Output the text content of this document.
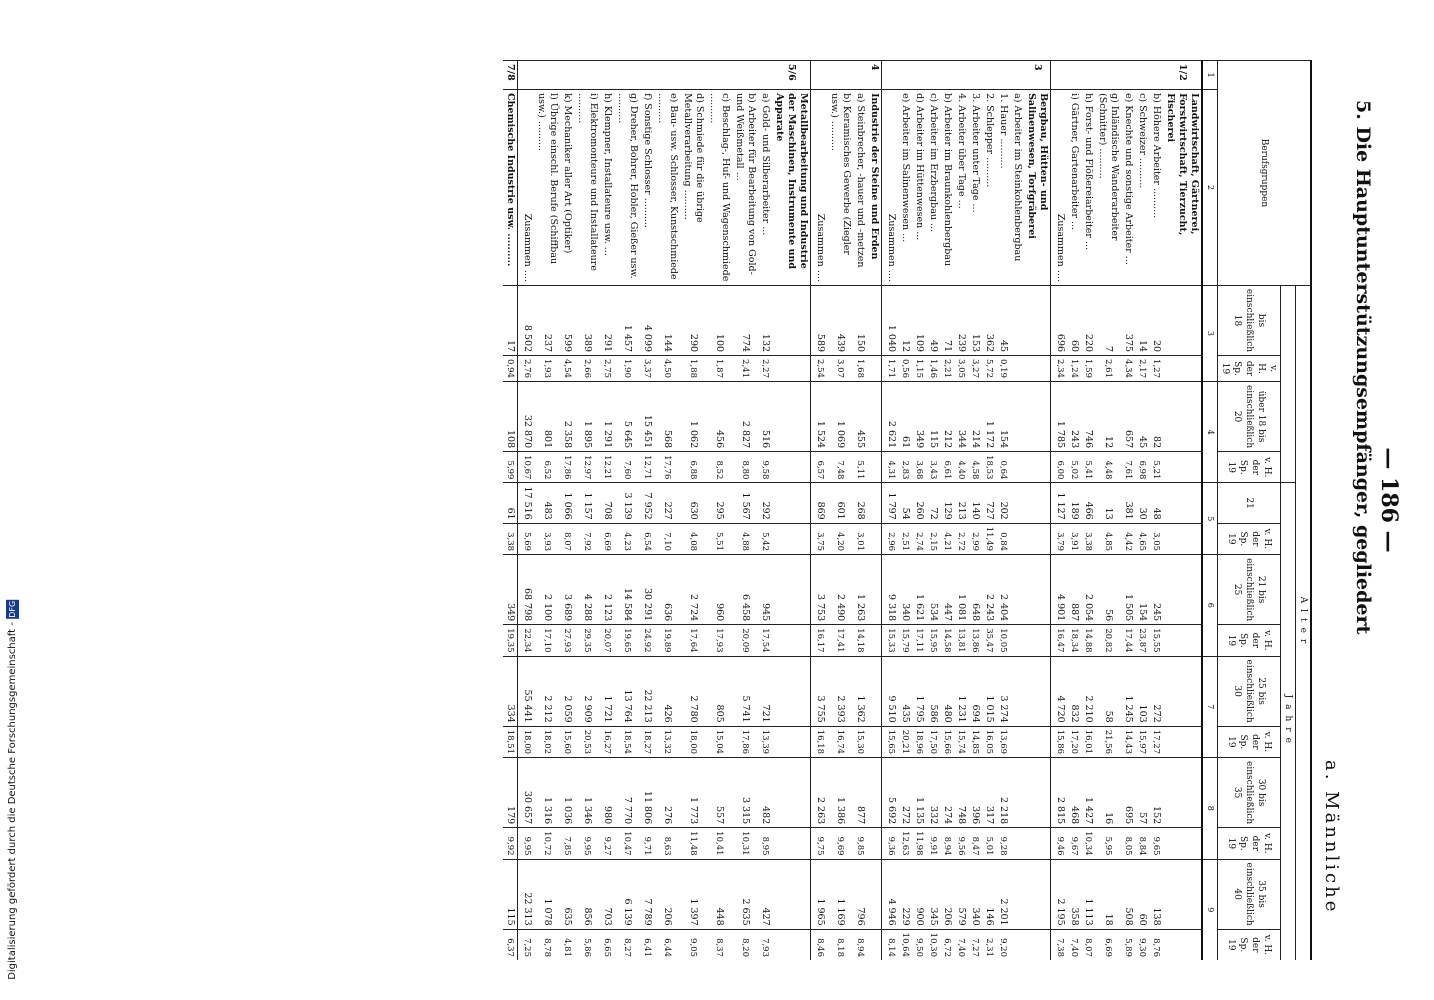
— 186 —
5. Die Hauptunterstützungsempfänger, gegliedert
a. Männliche
Berufsgruppen		Alter													
						Jahre									
		bis einschließlich 18	v. H. der Sp. 19	über 18 bis einschließlich 20	v. H. der Sp. 19	21	v. H. der Sp. 19	21 bis einschließlich 25	v. H. der Sp. 19	25 bis einschließlich 30	v. H. der Sp. 19	30 bis einschließlich 35	v. H. der Sp. 19	35 bis einschließlich 40	v. H. der Sp. 19
1	2	3		4		5		6		7		8		9	
1/2	Landwirtschaft, Gärtnerei, Forstwirtschaft, Tierzucht, Fischerei														
	b) Höhere Arbeiter ..........	20	1,27	82	5,21	48	3,05	245	15,55	272	17,27	152	9,65	138	8,76
	c) Schweizer ..........	14	2,17	45	6,98	30	4,65	154	23,87	103	15,97	57	8,84	60	9,30
	e) Knechte und sonstige Arbeiter ...	375	4,34	657	7,61	381	4,42	1 505	17,44	1 245	14,43	695	8,05	508	5,89
	g) Inländische Wanderarbeiter (Schnitter) ..........	7	2,61	12	4,48	13	4,85	56	20,82	58	21,56	16	5,95	18	6,69
	h) Forst- und Flößereiarbeiter ...	220	1,59	746	5,41	466	3,38	2 054	14,88	2 210	16,01	1 427	10,34	1 113	8,07
	i) Gärtner, Gartenarbeiter ...	60	1,24	243	5,02	189	3,91	887	18,34	832	17,20	468	9,67	358	7,40
	Zusammen ....	696	2,34	1 785	6,00	1 127	3,79	4 901	16,47	4 720	15,86	2 815	9,46	2 195	7,38
3	Bergbau, Hütten- und Salinenwesen, Torfgräberei														
	a) Arbeiter im Steinkohlenbergbau														
	1. Hauer ..........	45	0,19	154	0,64	202	0,84	2 404	10,05	3 274	13,69	2 218	9,28	2 201	9,20
	2. Schlepper ..........	362	5,72	1 172	18,53	727	11,49	2 243	35,47	1 015	16,05	317	5,01	146	2,31
	3. Arbeiter unter Tage ...	153	3,27	214	4,58	140	2,99	648	13,86	694	14,85	396	8,47	340	7,27
	4. Arbeiter über Tage ...	239	3,05	344	4,40	213	2,72	1 081	13,81	1 231	15,74	748	9,56	579	7,40
	b) Arbeiter im Braunkohlenbergbau	71	2,21	212	6,61	129	4,21	447	14,58	480	15,66	274	8,94	206	6,72
	c) Arbeiter im Erzbergbau ...	49	1,46	115	3,43	72	2,15	534	15,95	586	17,50	332	9,91	345	10,30
	d) Arbeiter im Hüttenwesen ...	109	1,15	349	3,68	260	2,74	1 621	17,11	1 795	18,96	1 135	11,98	900	9,50
	e) Arbeiter im Salinenwesen ...	12	0,56	61	2,83	54	2,51	340	15,79	435	20,21	272	12,63	229	10,64
	Zusammen ....	1 040	1,71	2 621	4,31	1 797	2,96	9 318	15,33	9 510	15,65	5 692	9,36	4 946	8,14
4	Industrie der Steine und Erden														
	a) Steinbrecher, -hauer und -metzen	150	1,68	455	5,11	268	3,01	1 263	14,18	1 362	15,30	877	9,85	796	8,94
	b) Keramisches Gewerbe (Ziegler usw.) ..........	439	3,07	1 069	7,48	601	4,20	2 490	17,41	2 393	16,74	1 386	9,69	1 169	8,18
	Zusammen ....	589	2,54	1 524	6,57	869	3,75	3 753	16,17	3 755	16,18	2 263	9,75	1 965	8,46
5/6	Metallbearbeitung und Industrie der Maschinen, Instrumente und Apparate														
	a) Gold- und Silberarbeiter ...	132	2,27	516	9,58	292	5,42	945	17,54	721	13,39	482	8,95	427	7,93
	b) Arbeiter für Bearbeitung von Gold- und Weißmetall ...	774	2,41	2 827	8,80	1 567	4,88	6 458	20,09	5 741	17,86	3 315	10,31	2 635	8,20
	c) Beschlag-, Huf- und Wagenschmiede ..........	100	1,87	456	8,52	295	5,51	960	17,93	805	15,04	557	10,41	448	8,37
	d) Schmiede für die übrige Metallverarbeitung ..........	290	1,88	1 062	6,88	630	4,08	2 724	17,64	2 780	18,00	1 773	11,48	1 397	9,05
	e) Bau- usw. Schlosser, Kunstschmiede ..........	144	4,50	568	17,76	227	7,10	636	19,89	426	13,32	276	8,63	206	6,44
	f) Sonstige Schlosser ..........	4 099	3,37	15 451	12,71	7 952	6,54	30 291	24,92	22 213	18,27	11 806	9,71	7 789	6,41
	g) Dreher, Bohrer, Hobler, Gießer usw. ..........	1 457	1,90	5 645	7,60	3 139	4,23	14 584	19,65	13 764	18,54	7 770	10,47	6 139	8,27
	h) Klempner, Installateure usw. ...	291	2,75	1 291	12,21	708	6,69	2 123	20,07	1 721	16,27	980	9,27	703	6,65
	i) Elektromonteure und Installateure ..........	389	2,66	1 895	12,97	1 157	7,92	4 288	29,35	2 909	20,53	1 346	9,95	856	5,86
	k) Mechaniker aller Art (Optiker)	599	4,54	2 358	17,86	1 066	8,07	3 689	27,93	2 059	15,60	1 036	7,85	635	4,81
	l) Übrige einschl. Berufe (Schiffbau usw.) ..........	237	1,93	801	6,52	483	3,93	2 100	17,10	2 212	18,02	1 316	10,72	1 078	8,78
	Zusammen ....	8 502	2,76	32 870	10,67	17 516	5,69	68 798	22,34	55 441	18,00	30 657	9,95	22 313	7,25
7/8	Chemische Industrie usw. ..........	17	0,94	108	5,99	61	3,38	349	19,35	334	18,51	179	9,92	115	6,37
Digitalisierung gefördert durch die Deutsche Forschungsgemeinschaft - DFG
